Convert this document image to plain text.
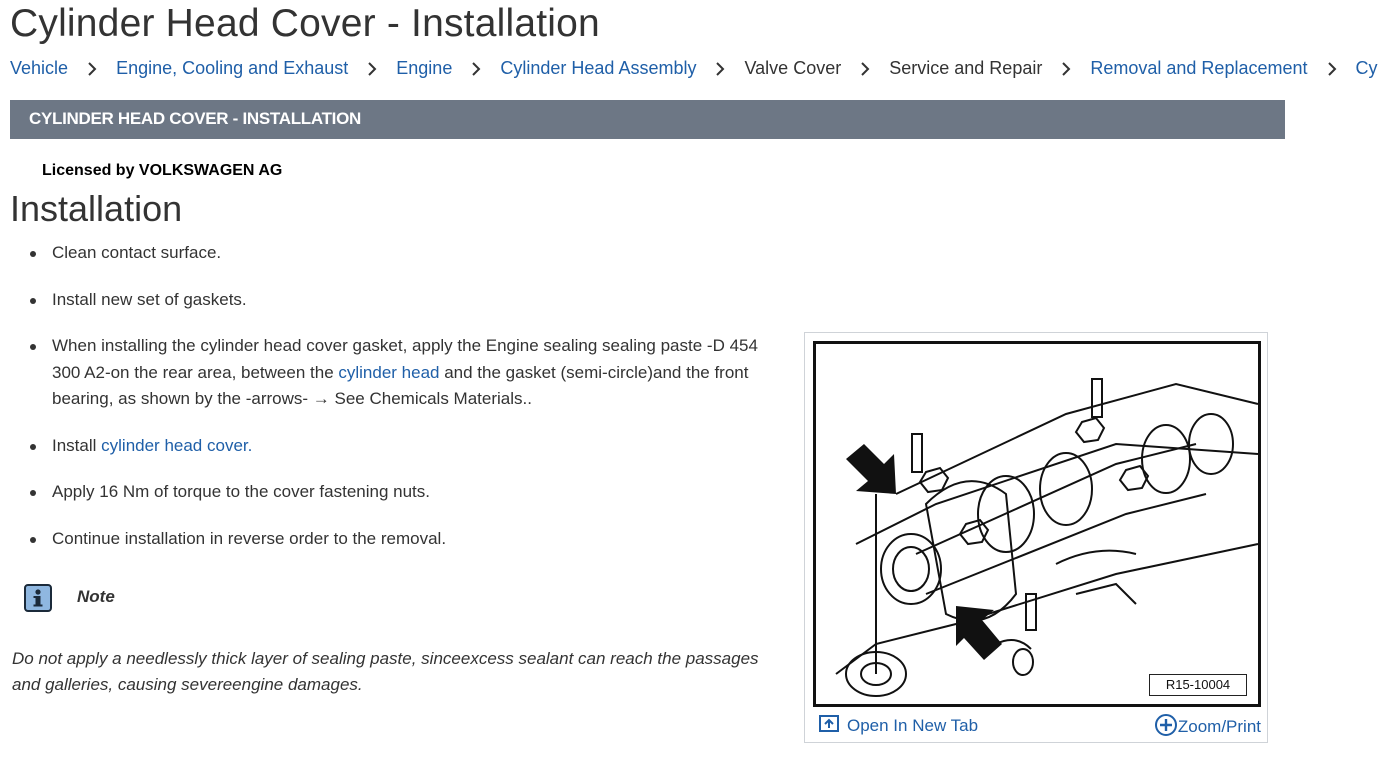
Cylinder Head Cover - Installation
Vehicle	Engine, Cooling and Exhaust	Engine	Cylinder Head Assembly	Valve Cover	Service and Repair	Removal and Replacement	Cy
CYLINDER HEAD COVER - INSTALLATION
Licensed by VOLKSWAGEN AG
Installation
Clean contact surface.
Install new set of gaskets.
When installing the cylinder head cover gasket, apply the Engine sealing sealing paste -D 454 300 A2-on the rear area, between the cylinder head and the gasket (semi-circle)and the front bearing, as shown by the -arrows- → See Chemicals Materials..
Install cylinder head cover.
Apply 16 Nm of torque to the cover fastening nuts.
Continue installation in reverse order to the removal.
Note

Do not apply a needlessly thick layer of sealing paste, sinceexcess sealant can reach the passages and galleries, causing severeengine damages.	R15-10004
Open In New Tab	Zoom/Print
